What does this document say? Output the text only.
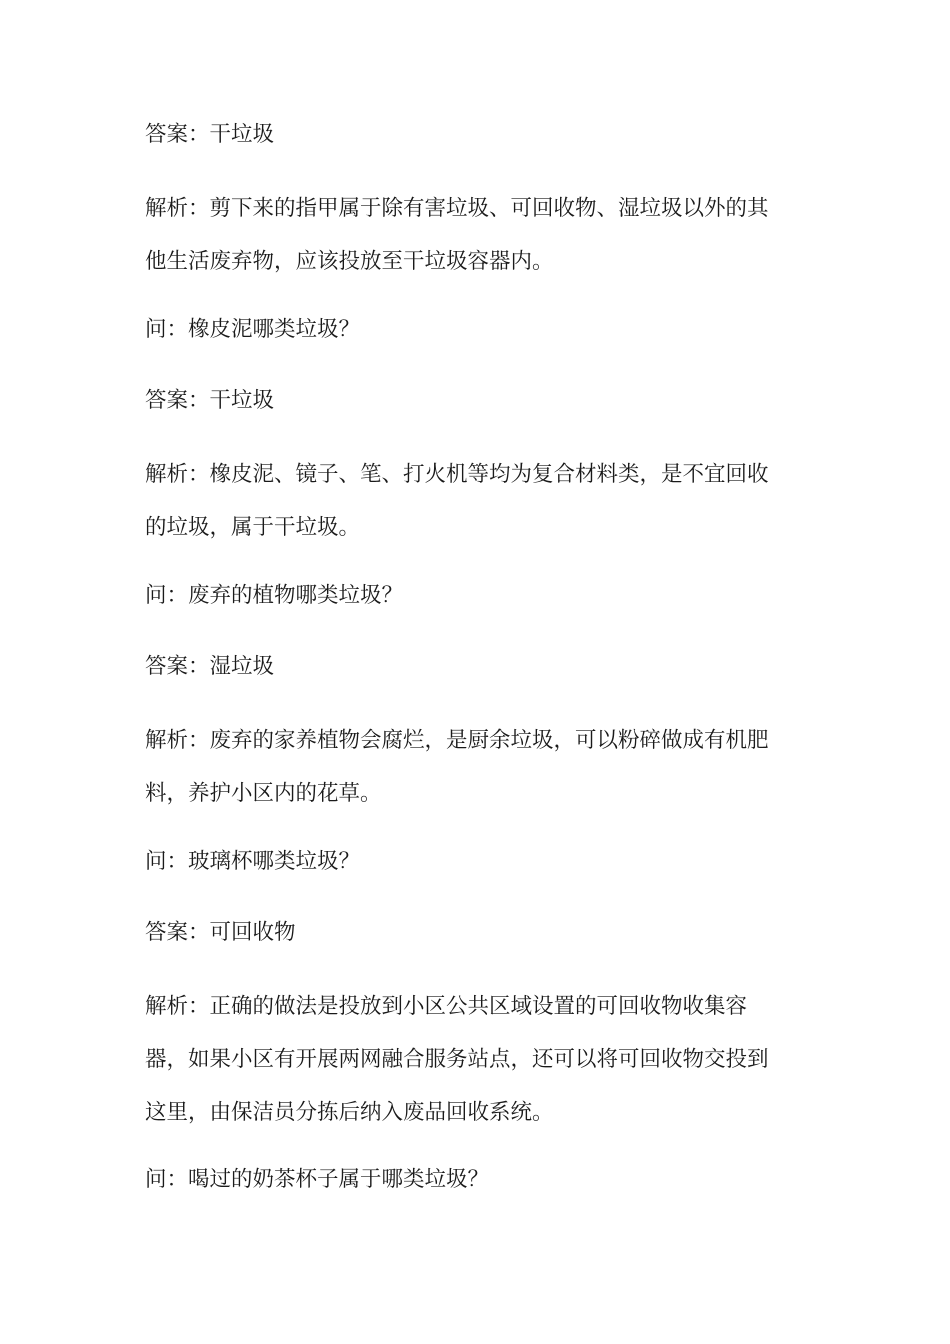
答案：干垃圾

解析：剪下来的指甲属于除有害垃圾、可回收物、湿垃圾以外的其
他生活废弃物，应该投放至干垃圾容器内。

问：橡皮泥哪类垃圾？

答案：干垃圾

解析：橡皮泥、镜子、笔、打火机等均为复合材料类，是不宜回收
的垃圾，属于干垃圾。

问：废弃的植物哪类垃圾？

答案：湿垃圾

解析：废弃的家养植物会腐烂，是厨余垃圾，可以粉碎做成有机肥
料，养护小区内的花草。

问：玻璃杯哪类垃圾？

答案：可回收物

解析：正确的做法是投放到小区公共区域设置的可回收物收集容
器，如果小区有开展两网融合服务站点，还可以将可回收物交投到
这里，由保洁员分拣后纳入废品回收系统。

问：喝过的奶茶杯子属于哪类垃圾？
